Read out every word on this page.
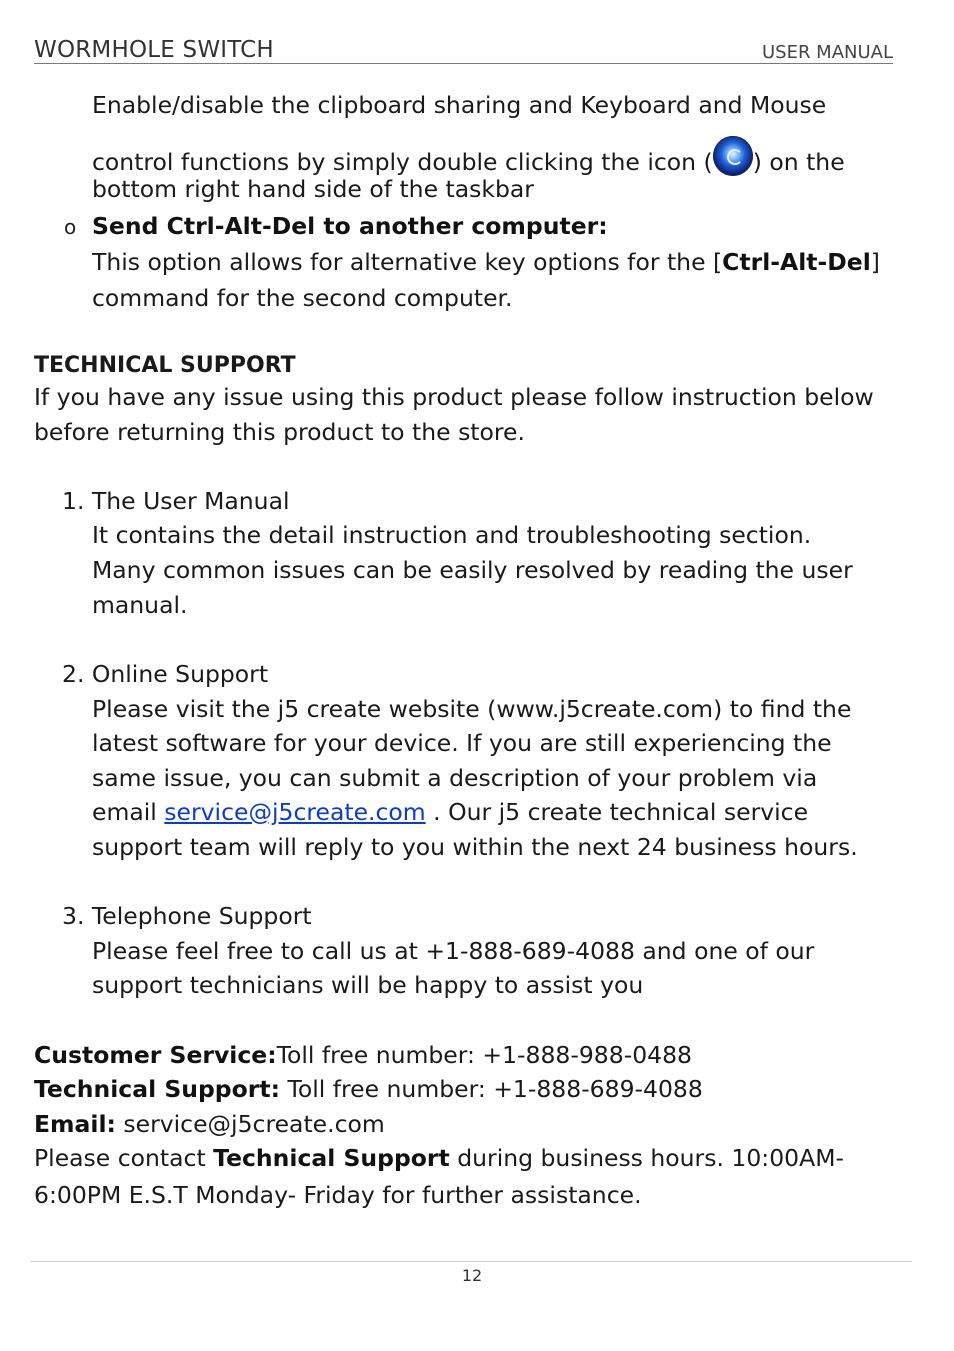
WORMHOLE SWITCH	USER MANUAL
Enable/disable the clipboard sharing and Keyboard and Mouse
control functions by simply double clicking the icon ( ) on the
bottom right hand side of the taskbar
o Send Ctrl-Alt-Del to another computer:
This option allows for alternative key options for the [Ctrl-Alt-Del]
command for the second computer.
TECHNICAL SUPPORT
If you have any issue using this product please follow instruction below
before returning this product to the store.
1. The User Manual
It contains the detail instruction and troubleshooting section.
Many common issues can be easily resolved by reading the user
manual.
2. Online Support
Please visit the j5 create website (www.j5create.com) to find the
latest software for your device. If you are still experiencing the
same issue, you can submit a description of your problem via
email service@j5create.com . Our j5 create technical service
support team will reply to you within the next 24 business hours.
3. Telephone Support
Please feel free to call us at +1-888-689-4088 and one of our
support technicians will be happy to assist you
Customer Service:Toll free number: +1-888-988-0488
Technical Support: Toll free number: +1-888-689-4088
Email: service@j5create.com
Please contact Technical Support during business hours. 10:00AM-
6:00PM E.S.T Monday- Friday for further assistance.
12
